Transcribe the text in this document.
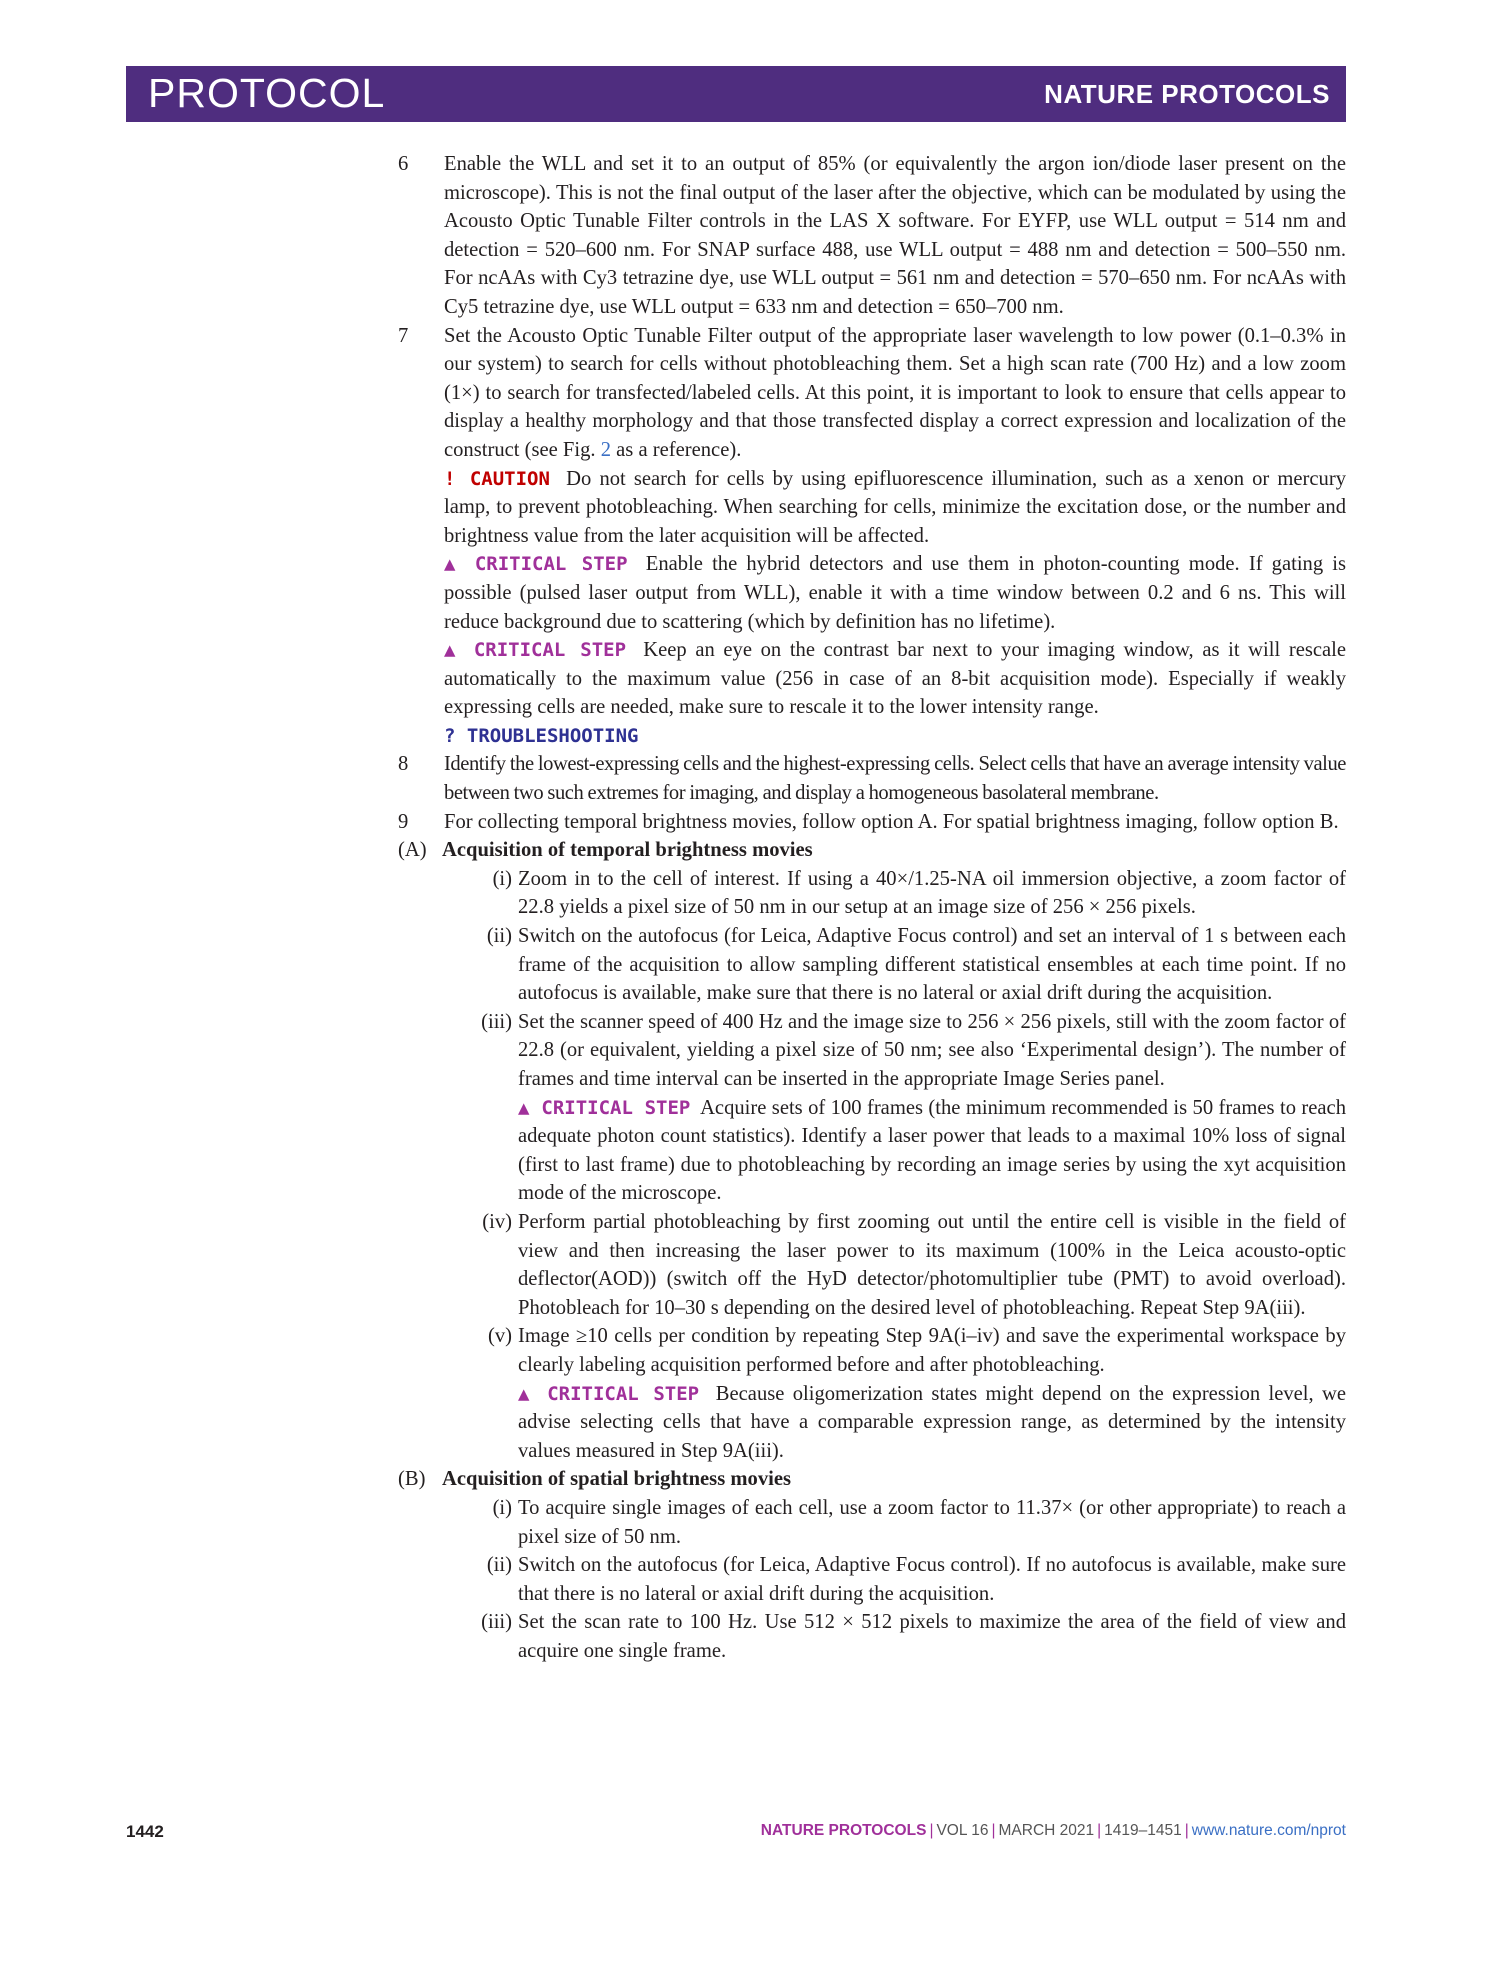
PROTOCOL	NATURE PROTOCOLS
6 Enable the WLL and set it to an output of 85% (or equivalently the argon ion/diode laser present on the microscope). This is not the final output of the laser after the objective, which can be modulated by using the Acousto Optic Tunable Filter controls in the LAS X software. For EYFP, use WLL output = 514 nm and detection = 520–600 nm. For SNAP surface 488, use WLL output = 488 nm and detection = 500–550 nm. For ncAAs with Cy3 tetrazine dye, use WLL output = 561 nm and detection = 570–650 nm. For ncAAs with Cy5 tetrazine dye, use WLL output = 633 nm and detection = 650–700 nm.
7 Set the Acousto Optic Tunable Filter output of the appropriate laser wavelength to low power (0.1–0.3% in our system) to search for cells without photobleaching them. Set a high scan rate (700 Hz) and a low zoom (1×) to search for transfected/labeled cells. At this point, it is important to look to ensure that cells appear to display a healthy morphology and that those transfected display a correct expression and localization of the construct (see Fig. 2 as a reference).
! CAUTION Do not search for cells by using epifluorescence illumination, such as a xenon or mercury lamp, to prevent photobleaching. When searching for cells, minimize the excitation dose, or the number and brightness value from the later acquisition will be affected.
▲ CRITICAL STEP Enable the hybrid detectors and use them in photon-counting mode. If gating is possible (pulsed laser output from WLL), enable it with a time window between 0.2 and 6 ns. This will reduce background due to scattering (which by definition has no lifetime).
▲ CRITICAL STEP Keep an eye on the contrast bar next to your imaging window, as it will rescale automatically to the maximum value (256 in case of an 8-bit acquisition mode). Especially if weakly expressing cells are needed, make sure to rescale it to the lower intensity range.
? TROUBLESHOOTING
8 Identify the lowest-expressing cells and the highest-expressing cells. Select cells that have an average intensity value between two such extremes for imaging, and display a homogeneous basolateral membrane.
9 For collecting temporal brightness movies, follow option A. For spatial brightness imaging, follow option B.
(A) Acquisition of temporal brightness movies
(i) Zoom in to the cell of interest. If using a 40×/1.25-NA oil immersion objective, a zoom factor of 22.8 yields a pixel size of 50 nm in our setup at an image size of 256 × 256 pixels.
(ii) Switch on the autofocus (for Leica, Adaptive Focus control) and set an interval of 1 s between each frame of the acquisition to allow sampling different statistical ensembles at each time point. If no autofocus is available, make sure that there is no lateral or axial drift during the acquisition.
(iii) Set the scanner speed of 400 Hz and the image size to 256 × 256 pixels, still with the zoom factor of 22.8 (or equivalent, yielding a pixel size of 50 nm; see also ‘Experimental design’). The number of frames and time interval can be inserted in the appropriate Image Series panel.
▲ CRITICAL STEP Acquire sets of 100 frames (the minimum recommended is 50 frames to reach adequate photon count statistics). Identify a laser power that leads to a maximal 10% loss of signal (first to last frame) due to photobleaching by recording an image series by using the xyt acquisition mode of the microscope.
(iv) Perform partial photobleaching by first zooming out until the entire cell is visible in the field of view and then increasing the laser power to its maximum (100% in the Leica acousto-optic deflector(AOD)) (switch off the HyD detector/photomultiplier tube (PMT) to avoid overload). Photobleach for 10–30 s depending on the desired level of photobleaching. Repeat Step 9A(iii).
(v) Image ≥10 cells per condition by repeating Step 9A(i–iv) and save the experimental workspace by clearly labeling acquisition performed before and after photobleaching.
▲ CRITICAL STEP Because oligomerization states might depend on the expression level, we advise selecting cells that have a comparable expression range, as determined by the intensity values measured in Step 9A(iii).
(B) Acquisition of spatial brightness movies
(i) To acquire single images of each cell, use a zoom factor to 11.37× (or other appropriate) to reach a pixel size of 50 nm.
(ii) Switch on the autofocus (for Leica, Adaptive Focus control). If no autofocus is available, make sure that there is no lateral or axial drift during the acquisition.
(iii) Set the scan rate to 100 Hz. Use 512 × 512 pixels to maximize the area of the field of view and acquire one single frame.
1442	NATURE PROTOCOLS | VOL 16 | MARCH 2021 | 1419–1451 | www.nature.com/nprot
